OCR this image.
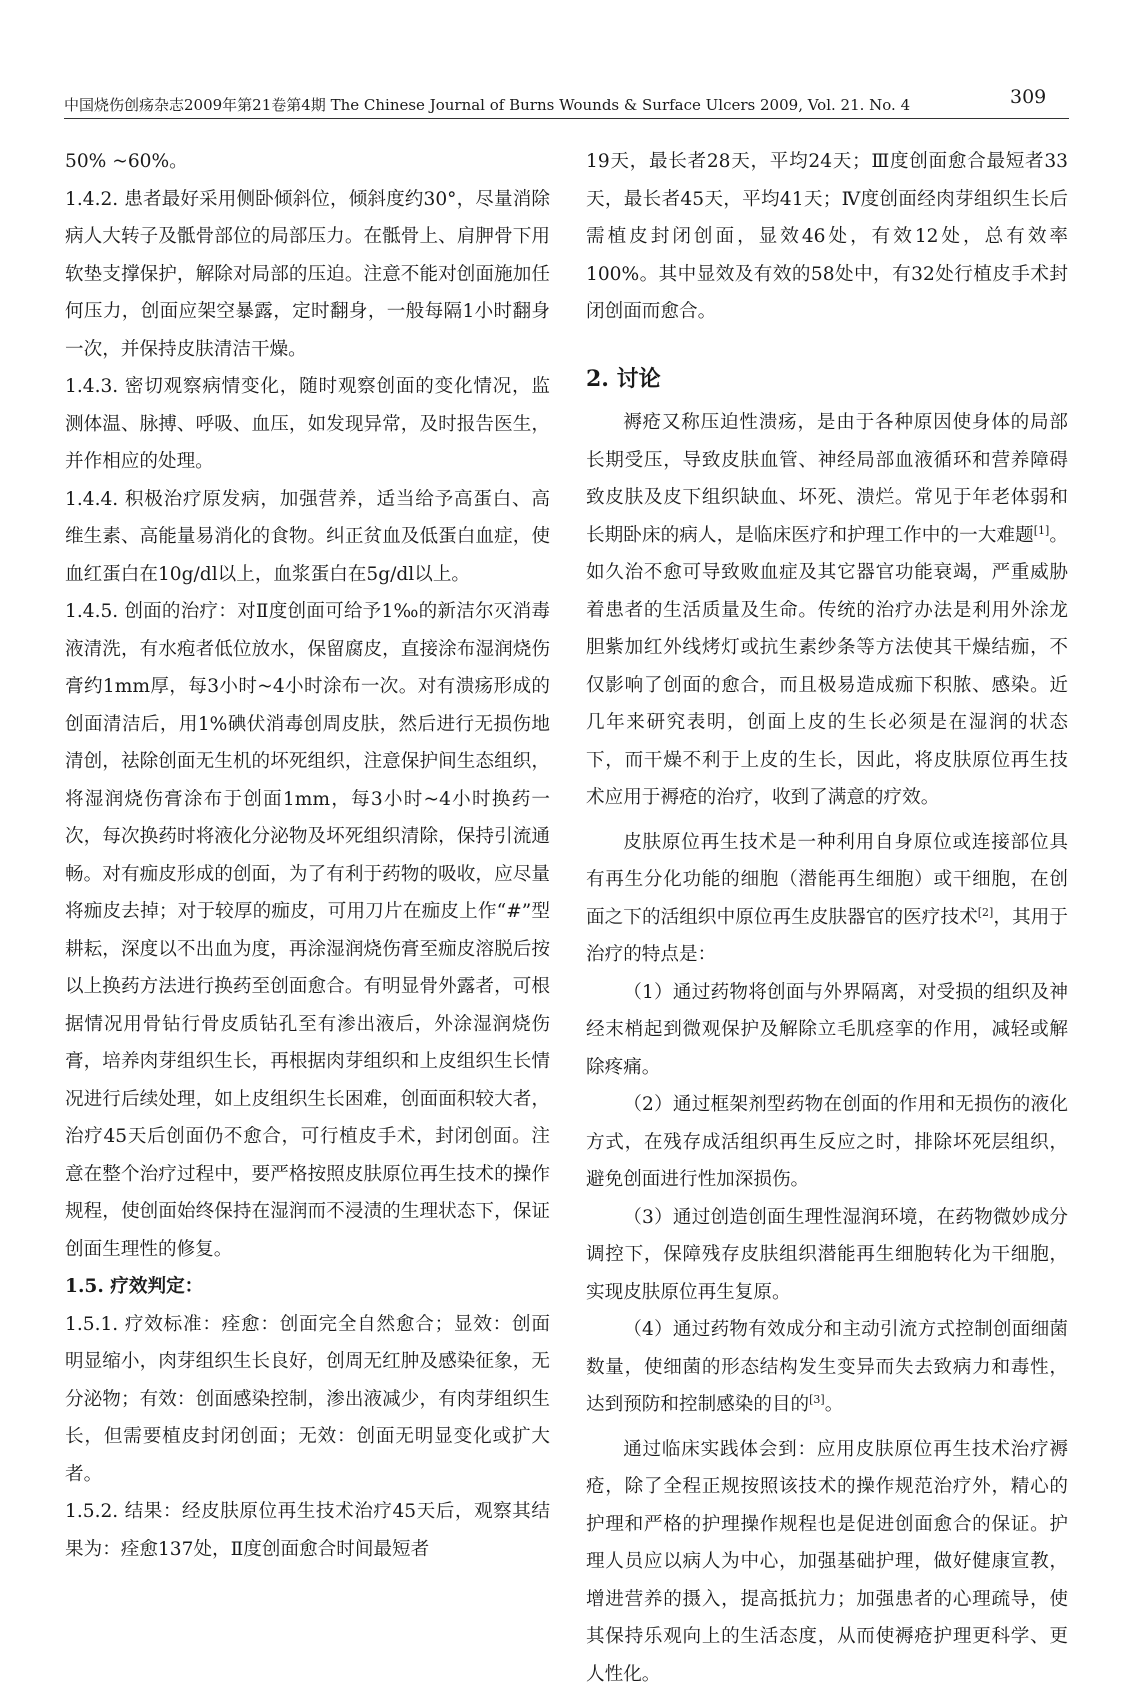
中国烧伤创疡杂志2009年第21卷第4期 The Chinese Journal of Burns Wounds & Surface Ulcers 2009, Vol. 21. No. 4	309

50% ~60%。

1.4.2. 患者最好采用侧卧倾斜位，倾斜度约30°，尽量消除病人大转子及骶骨部位的局部压力。在骶骨上、肩胛骨下用软垫支撑保护，解除对局部的压迫。注意不能对创面施加任何压力，创面应架空暴露，定时翻身，一般每隔1小时翻身一次，并保持皮肤清洁干燥。

1.4.3. 密切观察病情变化，随时观察创面的变化情况，监测体温、脉搏、呼吸、血压，如发现异常，及时报告医生，并作相应的处理。

1.4.4. 积极治疗原发病，加强营养，适当给予高蛋白、高维生素、高能量易消化的食物。纠正贫血及低蛋白血症，使血红蛋白在10g/dl以上，血浆蛋白在5g/dl以上。

1.4.5. 创面的治疗：对Ⅱ度创面可给予1‰的新洁尔灭消毒液清洗，有水疱者低位放水，保留腐皮，直接涂布湿润烧伤膏约1mm厚，每3小时~4小时涂布一次。对有溃疡形成的创面清洁后，用1%碘伏消毒创周皮肤，然后进行无损伤地清创，祛除创面无生机的坏死组织，注意保护间生态组织，将湿润烧伤膏涂布于创面1mm，每3小时~4小时换药一次，每次换药时将液化分泌物及坏死组织清除，保持引流通畅。对有痂皮形成的创面，为了有利于药物的吸收，应尽量将痂皮去掉；对于较厚的痂皮，可用刀片在痂皮上作“#”型耕耘，深度以不出血为度，再涂湿润烧伤膏至痂皮溶脱后按以上换药方法进行换药至创面愈合。有明显骨外露者，可根据情况用骨钻行骨皮质钻孔至有渗出液后，外涂湿润烧伤膏，培养肉芽组织生长，再根据肉芽组织和上皮组织生长情况进行后续处理，如上皮组织生长困难，创面面积较大者，治疗45天后创面仍不愈合，可行植皮手术，封闭创面。注意在整个治疗过程中，要严格按照皮肤原位再生技术的操作规程，使创面始终保持在湿润而不浸渍的生理状态下，保证创面生理性的修复。

1.5. 疗效判定：

1.5.1. 疗效标准：痊愈：创面完全自然愈合；显效：创面明显缩小，肉芽组织生长良好，创周无红肿及感染征象，无分泌物；有效：创面感染控制，渗出液减少，有肉芽组织生长，但需要植皮封闭创面；无效：创面无明显变化或扩大者。

1.5.2. 结果：经皮肤原位再生技术治疗45天后，观察其结果为：痊愈137处，Ⅱ度创面愈合时间最短者

19天，最长者28天，平均24天；Ⅲ度创面愈合最短者33天，最长者45天，平均41天；Ⅳ度创面经肉芽组织生长后需植皮封闭创面，显效46处，有效12处，总有效率100%。其中显效及有效的58处中，有32处行植皮手术封闭创面而愈合。

2. 讨论

褥疮又称压迫性溃疡，是由于各种原因使身体的局部长期受压，导致皮肤血管、神经局部血液循环和营养障碍致皮肤及皮下组织缺血、坏死、溃烂。常见于年老体弱和长期卧床的病人，是临床医疗和护理工作中的一大难题[1]。如久治不愈可导致败血症及其它器官功能衰竭，严重威胁着患者的生活质量及生命。传统的治疗办法是利用外涂龙胆紫加红外线烤灯或抗生素纱条等方法使其干燥结痂，不仅影响了创面的愈合，而且极易造成痂下积脓、感染。近几年来研究表明，创面上皮的生长必须是在湿润的状态下，而干燥不利于上皮的生长，因此，将皮肤原位再生技术应用于褥疮的治疗，收到了满意的疗效。

皮肤原位再生技术是一种利用自身原位或连接部位具有再生分化功能的细胞（潜能再生细胞）或干细胞，在创面之下的活组织中原位再生皮肤器官的医疗技术[2]，其用于治疗的特点是：

（1）通过药物将创面与外界隔离，对受损的组织及神经末梢起到微观保护及解除立毛肌痉挛的作用，减轻或解除疼痛。

（2）通过框架剂型药物在创面的作用和无损伤的液化方式，在残存成活组织再生反应之时，排除坏死层组织，避免创面进行性加深损伤。

（3）通过创造创面生理性湿润环境，在药物微妙成分调控下，保障残存皮肤组织潜能再生细胞转化为干细胞，实现皮肤原位再生复原。

（4）通过药物有效成分和主动引流方式控制创面细菌数量，使细菌的形态结构发生变异而失去致病力和毒性，达到预防和控制感染的目的[3]。

通过临床实践体会到：应用皮肤原位再生技术治疗褥疮，除了全程正规按照该技术的操作规范治疗外，精心的护理和严格的护理操作规程也是促进创面愈合的保证。护理人员应以病人为中心，加强基础护理，做好健康宣教，增进营养的摄入，提高抵抗力；加强患者的心理疏导，使其保持乐观向上的生活态度，从而使褥疮护理更科学、更人性化。
